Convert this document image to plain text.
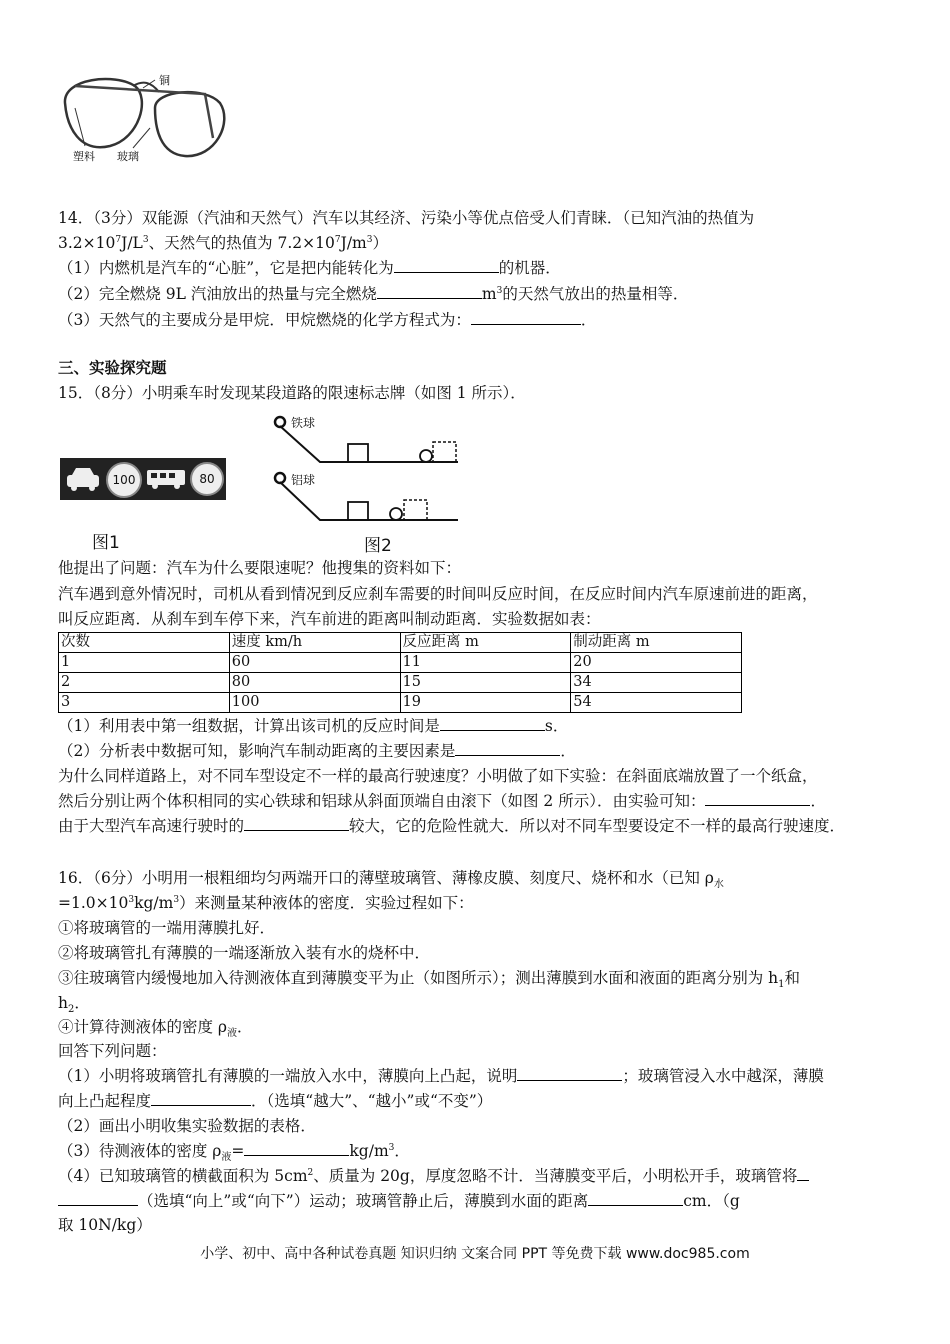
铜
塑料 玻璃
14．（3分）双能源（汽油和天然气）汽车以其经济、污染小等优点倍受人们青睐．（已知汽油的热值为
$3.2\times 10^7J/L^3$、天然气的热值为 $7.2\times 10^7J/m^3$）
（1）内燃机是汽车的“心脏”，它是把内能转化为	的机器．
（2）完全燃烧 9L 汽油放出的热量与完全燃烧	$m^3$的天然气放出的热量相等．
（3）天然气的主要成分是甲烷．甲烷燃烧的化学方程式为：	．
三、实验探究题
15．（8分）小明乘车时发现某段道路的限速标志牌（如图 1 所示）．
100	80
图1
铁球
铝球
图2
他提出了问题：汽车为什么要限速呢？他搜集的资料如下：
汽车遇到意外情况时，司机从看到情况到反应刹车需要的时间叫反应时间，在反应时间内汽车原速前进的距离，
叫反应距离．从刹车到车停下来，汽车前进的距离叫制动距离．实验数据如表：
次数	速度 km/h	反应距离 m	制动距离 m
1	60	11	20
2	80	15	34
3	100	19	54
（1）利用表中第一组数据，计算出该司机的反应时间是	s．
（2）分析表中数据可知，影响汽车制动距离的主要因素是	．
为什么同样道路上，对不同车型设定不一样的最高行驶速度？小明做了如下实验：在斜面底端放置了一个纸盒，
然后分别让两个体积相同的实心铁球和铝球从斜面顶端自由滚下（如图 2 所示）．由实验可知：	．
由于大型汽车高速行驶时的	较大，它的危险性就大．所以对不同车型要设定不一样的最高行驶速度．
16．（6分）小明用一根粗细均匀两端开口的薄壁玻璃管、薄橡皮膜、刻度尺、烧杯和水（已知 $\rho_水$
$=1.0\times 10^3kg/m^3$）来测量某种液体的密度．实验过程如下：
①将玻璃管的一端用薄膜扎好．
②将玻璃管扎有薄膜的一端逐渐放入装有水的烧杯中．
③往玻璃管内缓慢地加入待测液体直到薄膜变平为止（如图所示）；测出薄膜到水面和液面的距离分别为 $h_1$和
$h_2$．
④计算待测液体的密度 $\rho_液$．
回答下列问题：
（1）小明将玻璃管扎有薄膜的一端放入水中，薄膜向上凸起，说明	；玻璃管浸入水中越深，薄膜
向上凸起程度	．（选填“越大”、“越小”或“不变”）
（2）画出小明收集实验数据的表格．
（3）待测液体的密度 $\rho_液=$	$kg/m^3$．
（4）已知玻璃管的横截面积为 $5cm^2$、质量为 20g，厚度忽略不计．当薄膜变平后，小明松开手，玻璃管将
（选填“向上”或“向下”）运动；玻璃管静止后，薄膜到水面的距离	cm．（g
取 10N/kg）
小学、初中、高中各种试卷真题 知识归纳 文案合同 PPT 等免费下载 www.doc985.com
